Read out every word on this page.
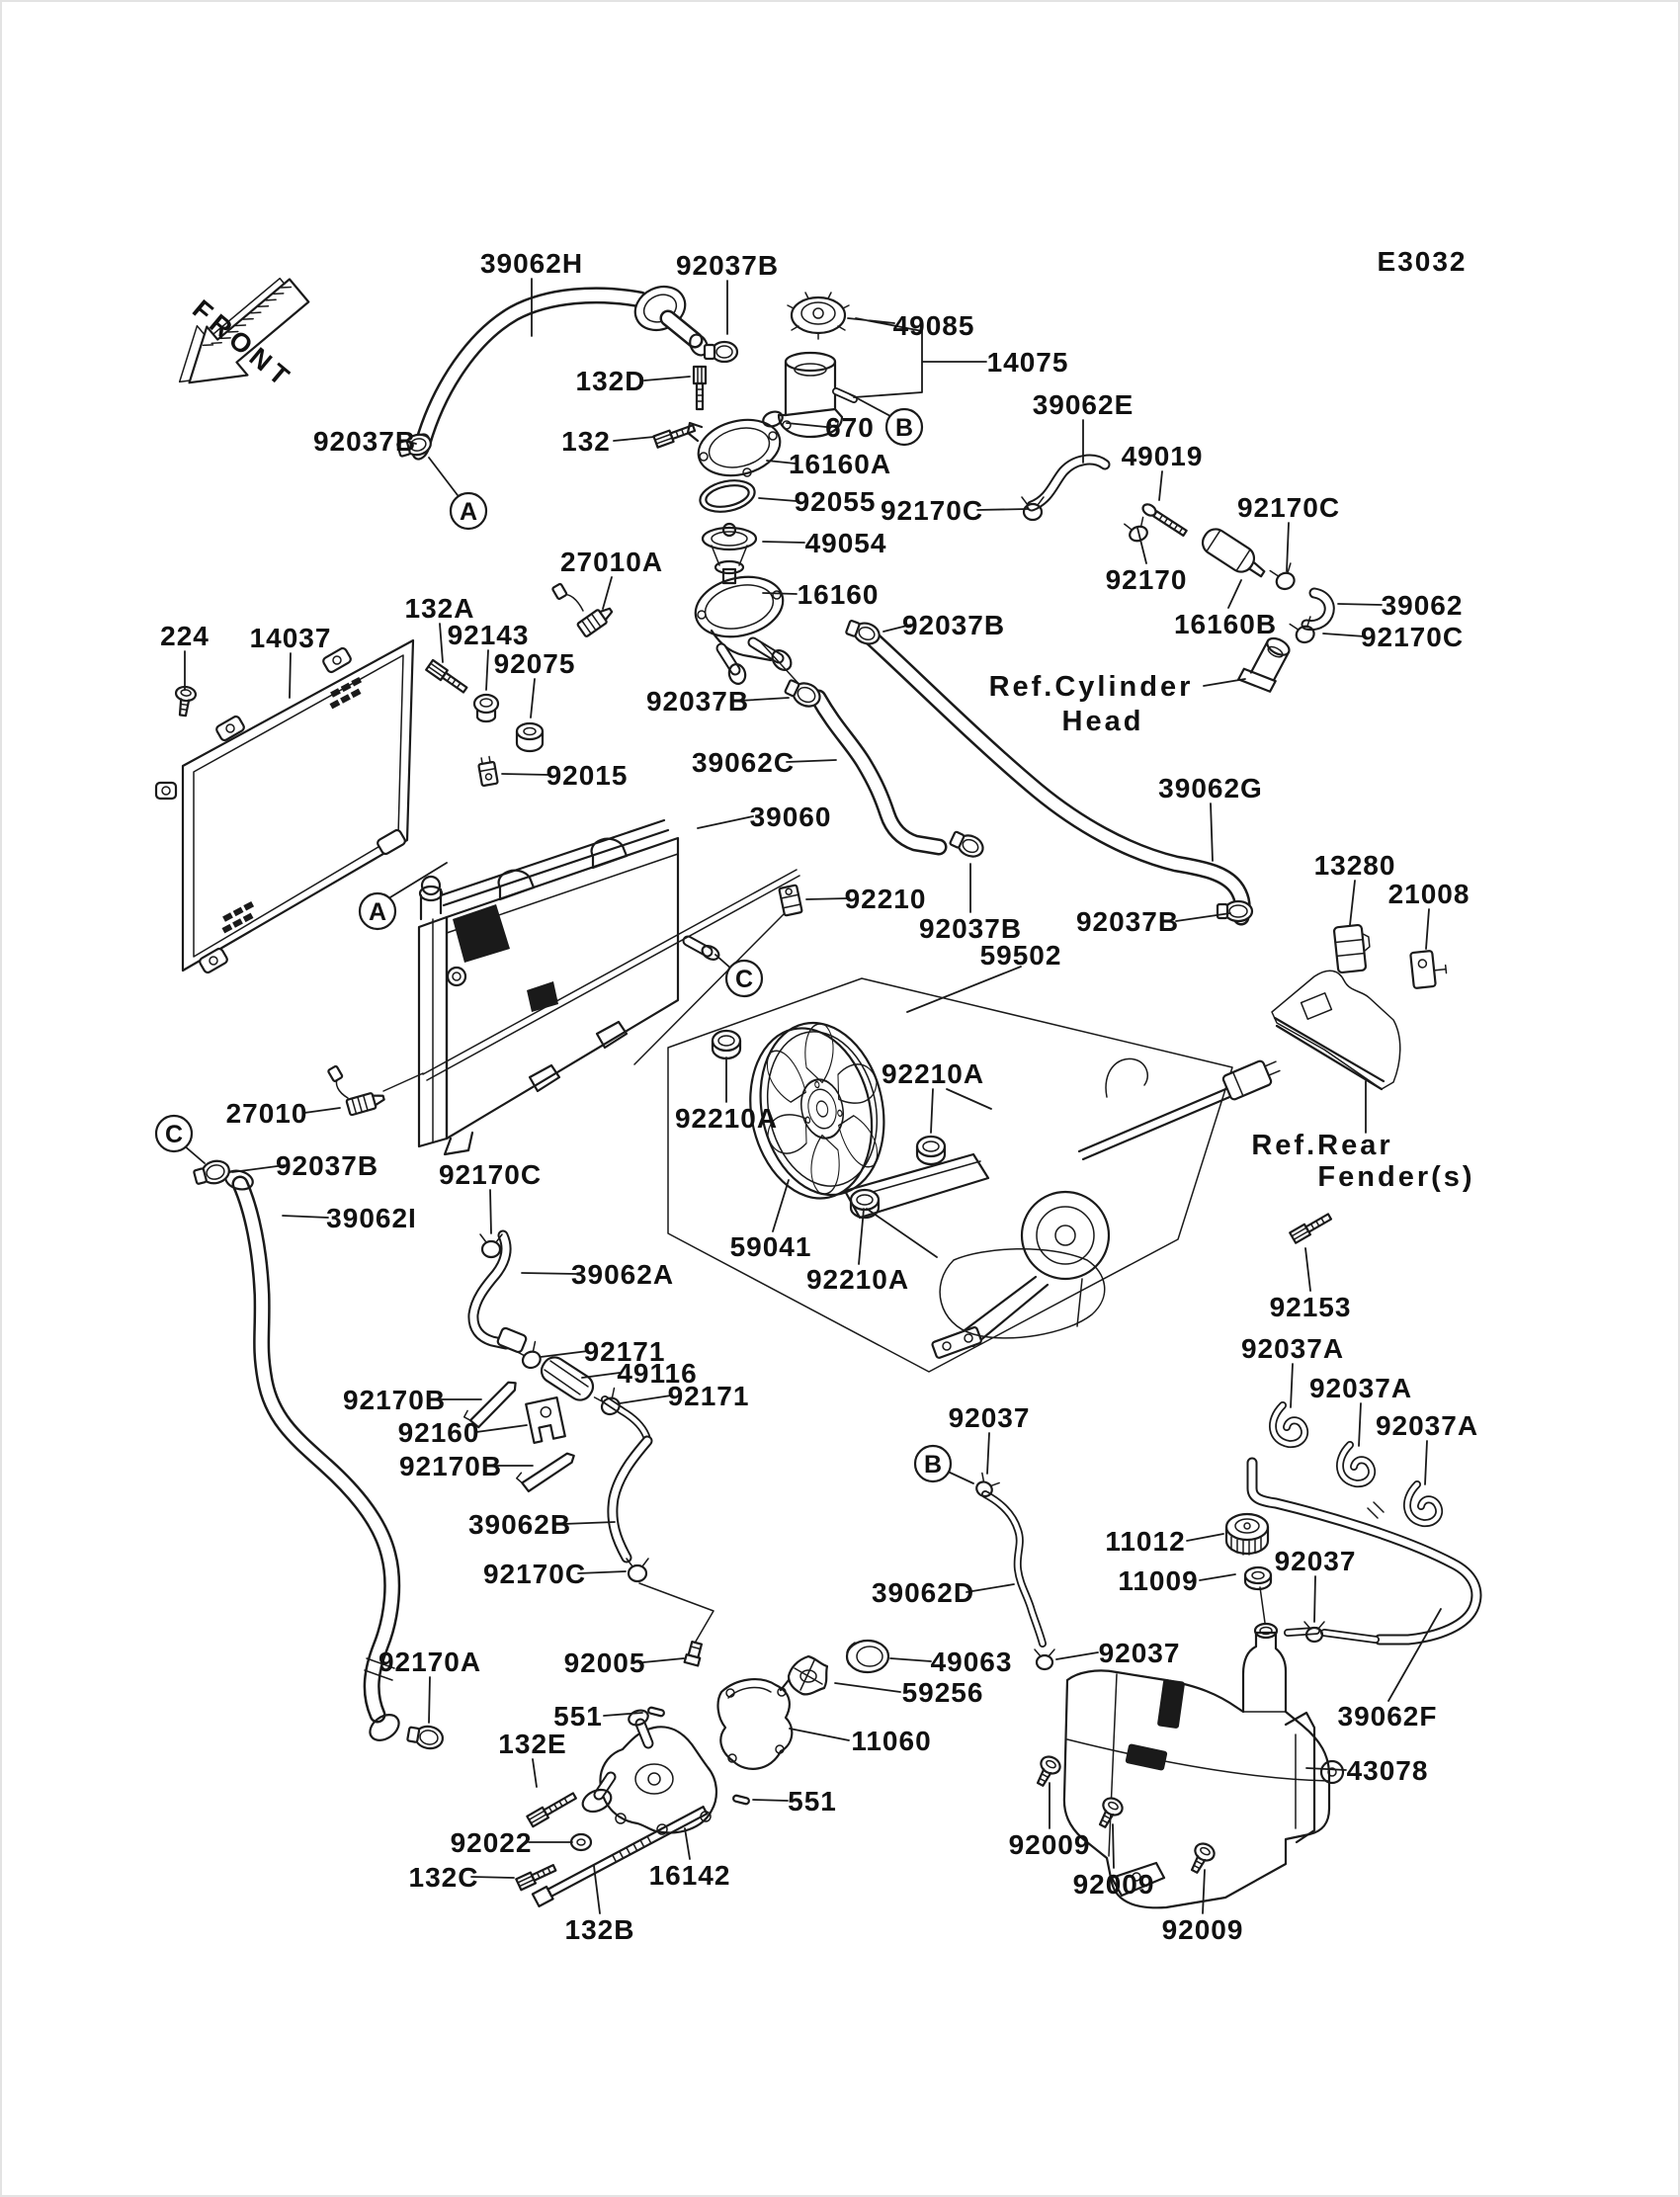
FRONT
E3032
39062H	92037B
49085
14075
39062E
132D
670
49019
92037B	132
16160A
92055 92170C	92170C
49054
27010A
92170
16160
16160B
39062
92037B	92170C
132A
92143
224 14037
92075
Ref.Cylinder
Head
92037B
92015 39062C
39062G
39060
13280
21008
92210
92037B 92037B
59502
92210A
92210A
Ref.Rear
Fender(s)
27010
92037B 92170C
39062I
39062A
59041
92210A
92153
92037A
92037A
92037A
92171
49116
92170B	92171
92160
92170B
92037
11012
39062B
11009
92037
92170C
39062D
92037
92170A	92005	49063
59256
551	39062F
132E	11060
551
43078
92022	92009
16142
132C	92009
132B	92009
A
A
B
B
C
C
